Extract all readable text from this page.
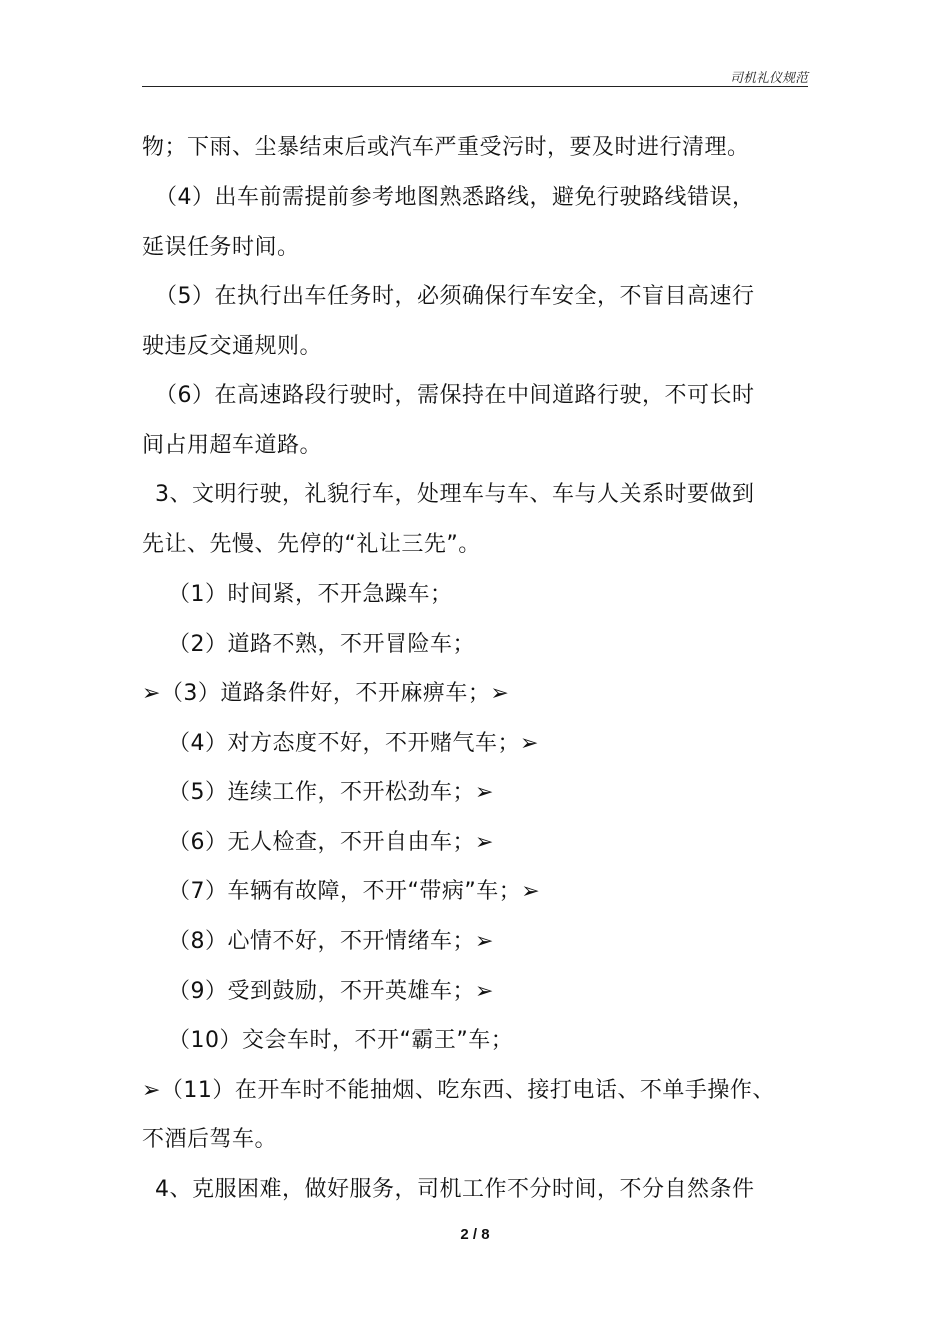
司机礼仪规范
物；下雨、尘暴结束后或汽车严重受污时，要及时进行清理。
（4）出车前需提前参考地图熟悉路线，避免行驶路线错误，
延误任务时间。
（5）在执行出车任务时，必须确保行车安全，不盲目高速行
驶违反交通规则。
（6）在高速路段行驶时，需保持在中间道路行驶，不可长时
间占用超车道路。
3、文明行驶，礼貌行车，处理车与车、车与人关系时要做到
先让、先慢、先停的“礼让三先”。
（1）时间紧，不开急躁车；
（2）道路不熟，不开冒险车；
➢（3）道路条件好，不开麻痹车；➢
（4）对方态度不好，不开赌气车；➢
（5）连续工作，不开松劲车；➢
（6）无人检查，不开自由车；➢
（7）车辆有故障，不开“带病”车；➢
（8）心情不好，不开情绪车；➢
（9）受到鼓励，不开英雄车；➢
（10）交会车时，不开“霸王”车；
➢（11）在开车时不能抽烟、吃东西、接打电话、不单手操作、
不酒后驾车。
4、克服困难，做好服务，司机工作不分时间，不分自然条件
2 / 8
